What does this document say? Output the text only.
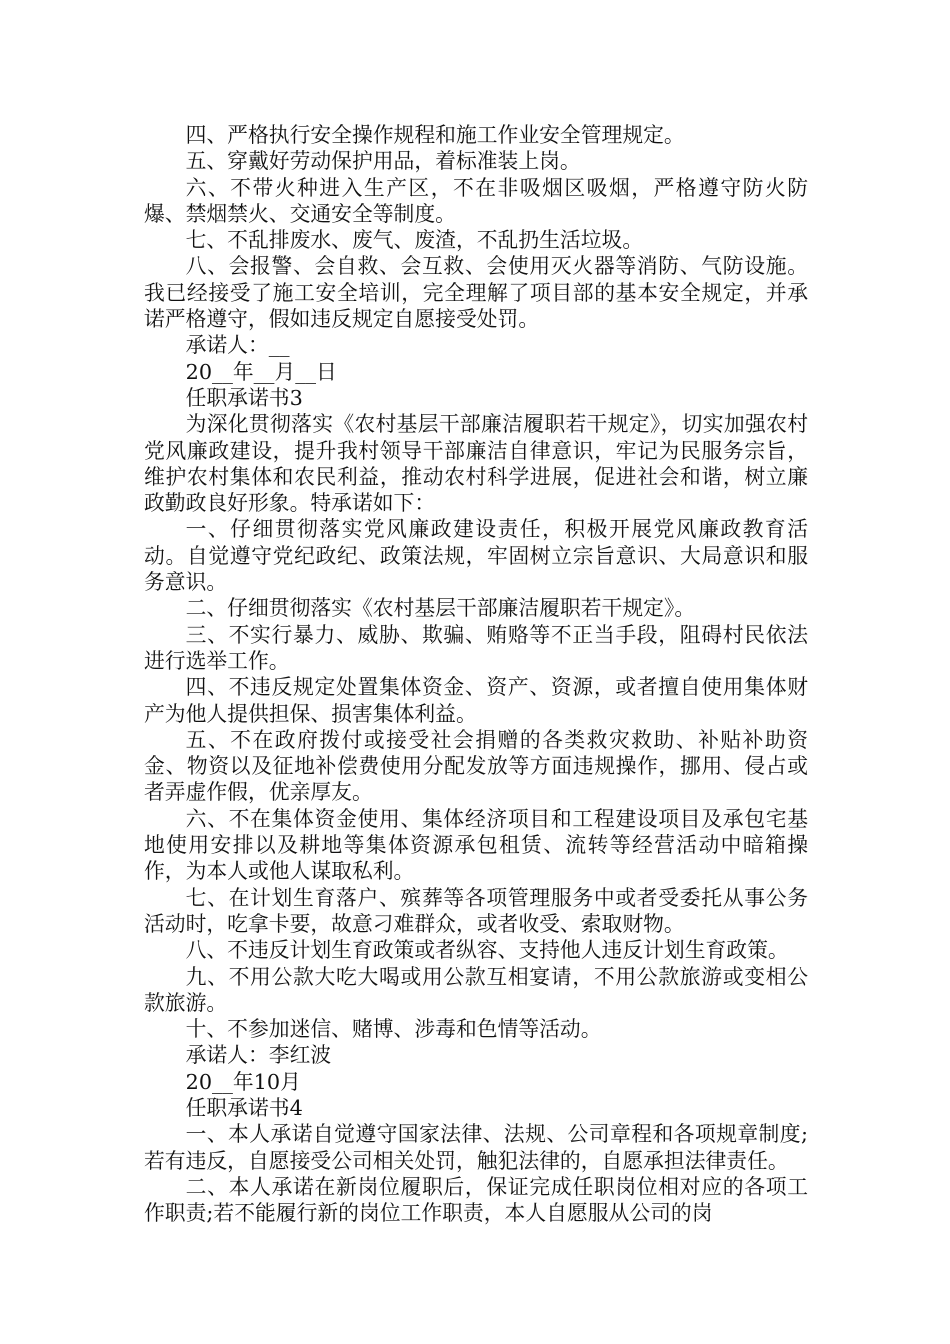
四、严格执行安全操作规程和施工作业安全管理规定。

五、穿戴好劳动保护用品，着标准装上岗。

六、不带火种进入生产区，不在非吸烟区吸烟，严格遵守防火防爆、禁烟禁火、交通安全等制度。

七、不乱排废水、废气、废渣，不乱扔生活垃圾。

八、会报警、会自救、会互救、会使用灭火器等消防、气防设施。我已经接受了施工安全培训，完全理解了项目部的基本安全规定，并承诺严格遵守，假如违反规定自愿接受处罚。

承诺人：__

20__年__月__日

任职承诺书3

为深化贯彻落实《农村基层干部廉洁履职若干规定》，切实加强农村党风廉政建设，提升我村领导干部廉洁自律意识，牢记为民服务宗旨，维护农村集体和农民利益，推动农村科学进展，促进社会和谐，树立廉政勤政良好形象。特承诺如下：

一、仔细贯彻落实党风廉政建设责任，积极开展党风廉政教育活动。自觉遵守党纪政纪、政策法规，牢固树立宗旨意识、大局意识和服务意识。

二、仔细贯彻落实《农村基层干部廉洁履职若干规定》。

三、不实行暴力、威胁、欺骗、贿赂等不正当手段，阻碍村民依法进行选举工作。

四、不违反规定处置集体资金、资产、资源，或者擅自使用集体财产为他人提供担保、损害集体利益。

五、不在政府拨付或接受社会捐赠的各类救灾救助、补贴补助资金、物资以及征地补偿费使用分配发放等方面违规操作，挪用、侵占或者弄虚作假，优亲厚友。

六、不在集体资金使用、集体经济项目和工程建设项目及承包宅基地使用安排以及耕地等集体资源承包租赁、流转等经营活动中暗箱操作，为本人或他人谋取私利。

七、在计划生育落户、殡葬等各项管理服务中或者受委托从事公务活动时，吃拿卡要，故意刁难群众，或者收受、索取财物。

八、不违反计划生育政策或者纵容、支持他人违反计划生育政策。

九、不用公款大吃大喝或用公款互相宴请，不用公款旅游或变相公款旅游。

十、不参加迷信、赌博、涉毒和色情等活动。

承诺人：李红波

20__年10月

任职承诺书4

一、本人承诺自觉遵守国家法律、法规、公司章程和各项规章制度;若有违反，自愿接受公司相关处罚，触犯法律的，自愿承担法律责任。

二、本人承诺在新岗位履职后，保证完成任职岗位相对应的各项工作职责;若不能履行新的岗位工作职责，本人自愿服从公司的岗
